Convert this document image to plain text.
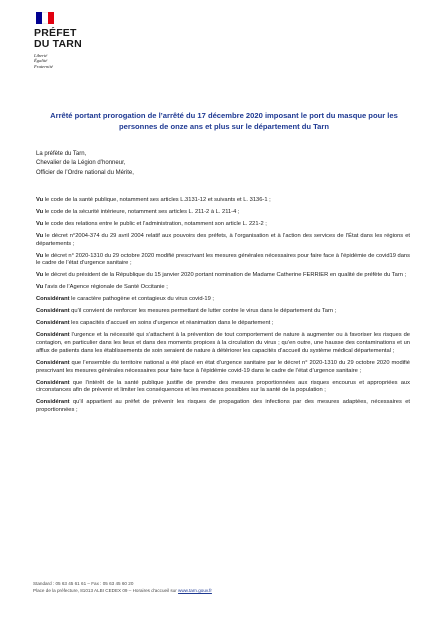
PRÉFET
DU TARN
Liberté
Égalité
Fraternité
Arrêté portant prorogation de l’arrêté du 17 décembre 2020 imposant le port du masque pour les personnes de onze ans et plus sur le département du Tarn
La préfète du Tarn,
Chevalier de la Légion d’honneur,
Officier de l’Ordre national du Mérite,
Vu le code de la santé publique, notamment ses articles L.3131-12 et suivants et L. 3136-1 ;
Vu le code de la sécurité intérieure, notamment ses articles L. 211-2 à L. 211-4 ;
Vu le code des relations entre le public et l’administration, notamment son article L. 221-2 ;
Vu le décret n°2004-374 du 29 avril 2004 relatif aux pouvoirs des préfets, à l’organisation et à l’action des services de l’État dans les régions et départements ;
Vu le décret n° 2020-1310 du 29 octobre 2020 modifié prescrivant les mesures générales nécessaires pour faire face à l’épidémie de covid19 dans le cadre de l’état d’urgence sanitaire ;
Vu le décret du président de la République du 15 janvier 2020 portant nomination de Madame Catherine FERRIER en qualité de préfète du Tarn ;
Vu l’avis de l’Agence régionale de Santé Occitanie ;
Considérant le caractère pathogène et contagieux du virus covid-19 ;
Considérant qu’il convient de renforcer les mesures permettant de lutter contre le virus dans le département du Tarn ;
Considérant les capacités d’accueil en soins d’urgence et réanimation dans le département ;
Considérant l’urgence et la nécessité qui s’attachent à la prévention de tout comportement de nature à augmenter ou à favoriser les risques de contagion, en particulier dans les lieux et dans des moments propices à la circulation du virus ; qu’en outre, une hausse des contaminations et un afflux de patients dans les établissements de soin seraient de nature à détériorer les capacités d’accueil du système médical départemental ;
Considérant que l’ensemble du territoire national a été placé en état d’urgence sanitaire par le décret n° 2020-1310 du 29 octobre 2020 modifié prescrivant les mesures générales nécessaires pour faire face à l’épidémie covid-19 dans le cadre de l’état d’urgence sanitaire ;
Considérant que l’intérêt de la santé publique justifie de prendre des mesures proportionnées aux risques encourus et appropriées aux circonstances afin de prévenir et limiter les conséquences et les menaces possibles sur la santé de la population ;
Considérant qu’il appartient au préfet de prévenir les risques de propagation des infections par des mesures adaptées, nécessaires et proportionnées ;
Standard : 05 63 45 61 61 – Fax : 05 63 45 60 20
Place de la préfecture, 81013 ALBI CEDEX 09 – Horaires d’accueil sur www.tarn.gouv.fr
